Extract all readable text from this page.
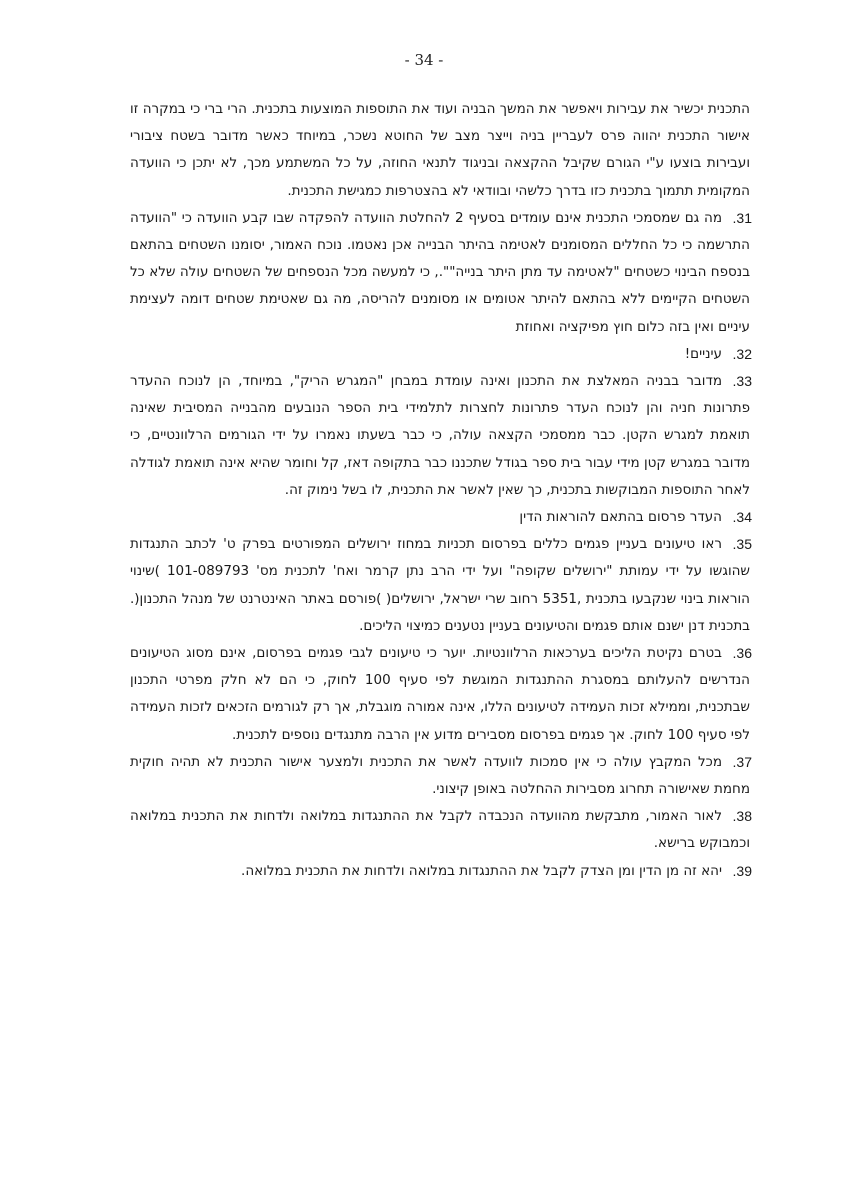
- 34 -

התכנית יכשיר את עבירות ויאפשר את המשך הבניה ועוד את התוספות המוצעות בתכנית. הרי ברי כי במקרה זו אישור התכנית יהווה פרס לעבריין בניה וייצר מצב של החוטא נשכר, במיוחד כאשר מדובר בשטח ציבורי ועבירות בוצעו ע"י הגורם שקיבל ההקצאה ובניגוד לתנאי החוזה, על כל המשתמע מכך, לא יתכן כי הוועדה המקומית תתמוך בתכנית כזו בדרך כלשהי ובוודאי לא בהצטרפות כמגישת התכנית.

31.
מה גם שמסמכי התכנית אינם עומדים בסעיף 2 להחלטת הוועדה להפקדה שבו קבע הוועדה כי "הוועדה התרשמה כי כל החללים המסומנים לאטימה בהיתר הבנייה אכן נאטמו. נוכח האמור, יסומנו השטחים בהתאם בנספח הבינוי כשטחים "לאטימה עד מתן היתר בנייה""., כי למעשה מכל הנספחים של השטחים עולה שלא כל השטחים הקיימים ללא בהתאם להיתר אטומים או מסומנים להריסה, מה גם שאטימת שטחים דומה לעצימת עיניים ואין בזה כלום חוץ מפיקציה ואחוזת
32.
עיניים!
33.
מדובר בבניה המאלצת את התכנון ואינה עומדת במבחן "המגרש הריק", במיוחד, הן לנוכח ההעדר פתרונות חניה והן לנוכח העדר פתרונות לחצרות לתלמידי בית הספר הנובעים מהבנייה המסיבית שאינה תואמת למגרש הקטן. כבר ממסמכי הקצאה עולה, כי כבר בשעתו נאמרו על ידי הגורמים הרלוונטיים, כי מדובר במגרש קטן מידי עבור בית ספר בגודל שתכננו כבר בתקופה דאז, קל וחומר שהיא אינה תואמת לגודלה לאחר התוספות המבוקשות בתכנית, כך שאין לאשר את התכנית, לו בשל נימוק זה.
34.
העדר פרסום בהתאם להוראות הדין
35.
ראו טיעונים בעניין פגמים כללים בפרסום תכניות במחוז ירושלים המפורטים בפרק ט' לכתב התנגדות שהוגשו על ידי עמותת "ירושלים שקופה" ועל ידי הרב נתן קרמר ואח' לתכנית מס' 101-089793 )שינוי הוראות בינוי שנקבעו בתכנית ,5351 רחוב שרי ישראל, ירושלים( )פורסם באתר האינטרנט של מנהל התכנון(. בתכנית דנן ישנם אותם פגמים והטיעונים בעניין נטענים כמיצוי הליכים.
36.
בטרם נקיטת הליכים בערכאות הרלוונטיות. יוער כי טיעונים לגבי פגמים בפרסום, אינם מסוג הטיעונים הנדרשים להעלותם במסגרת ההתנגדות המוגשת לפי סעיף 100 לחוק, כי הם לא חלק מפרטי התכנון שבתכנית, וממילא זכות העמידה לטיעונים הללו, אינה אמורה מוגבלת, אך רק לגורמים הזכאים לזכות העמידה לפי סעיף 100 לחוק. אך פגמים בפרסום מסבירים מדוע אין הרבה מתנגדים נוספים לתכנית.
37.
מכל המקבץ עולה כי אין סמכות לוועדה לאשר את התכנית ולמצער אישור התכנית לא תהיה חוקית מחמת שאישורה תחרוג מסבירות ההחלטה באופן קיצוני.
38.
לאור האמור, מתבקשת מהוועדה הנכבדה לקבל את ההתנגדות במלואה ולדחות את התכנית במלואה וכמבוקש ברישא.
39.
יהא זה מן הדין ומן הצדק לקבל את ההתנגדות במלואה ולדחות את התכנית במלואה.
